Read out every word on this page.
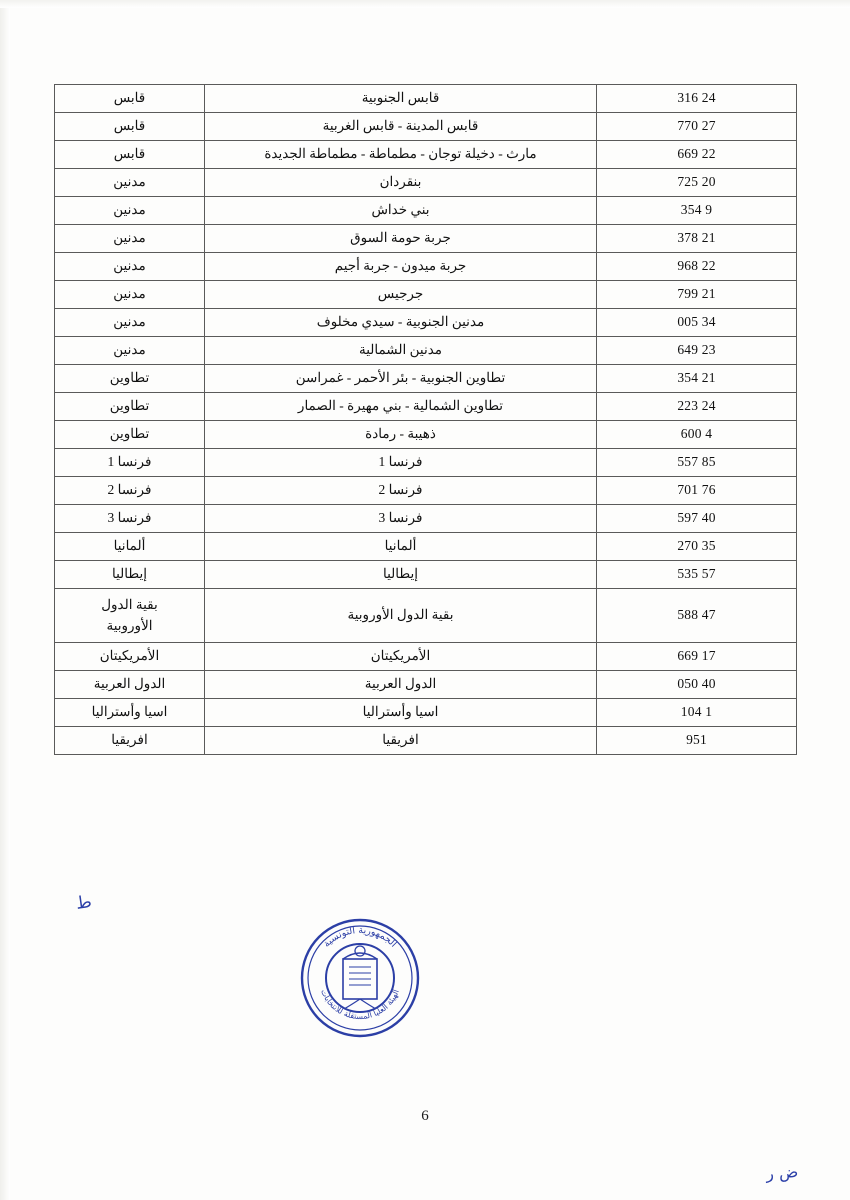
24 316	قابس الجنوبية	قابس
27 770	قابس المدينة - قابس الغربية	قابس
22 669	مارث - دخيلة توجان - مطماطة - مطماطة الجديدة	قابس
20 725	بنقردان	مدنين
9 354	بني خداش	مدنين
21 378	جربة حومة السوق	مدنين
22 968	جربة ميدون - جربة أجيم	مدنين
21 799	جرجيس	مدنين
34 005	مدنين الجنوبية - سيدي مخلوف	مدنين
23 649	مدنين الشمالية	مدنين
21 354	تطاوين الجنوبية - بئر الأحمر - غمراسن	تطاوين
24 223	تطاوين الشمالية - بني مهيرة - الصمار	تطاوين
4 600	ذهيبة - رمادة	تطاوين
85 557	فرنسا 1	فرنسا 1
76 701	فرنسا 2	فرنسا 2
40 597	فرنسا 3	فرنسا 3
35 270	ألمانيا	ألمانيا
57 535	إيطاليا	إيطاليا
47 588	بقية الدول الأوروبية	بقية الدول
الأوروبية

17 669	الأمريكيتان	الأمريكيتان
40 050	الدول العربية	الدول العربية
1 104	اسيا وأستراليا	اسيا وأستراليا
951	افريقيا	افريقيا
ط
الجمهورية التونسية
الهيئة العليا المستقلة للانتخابات
6
ض ر
